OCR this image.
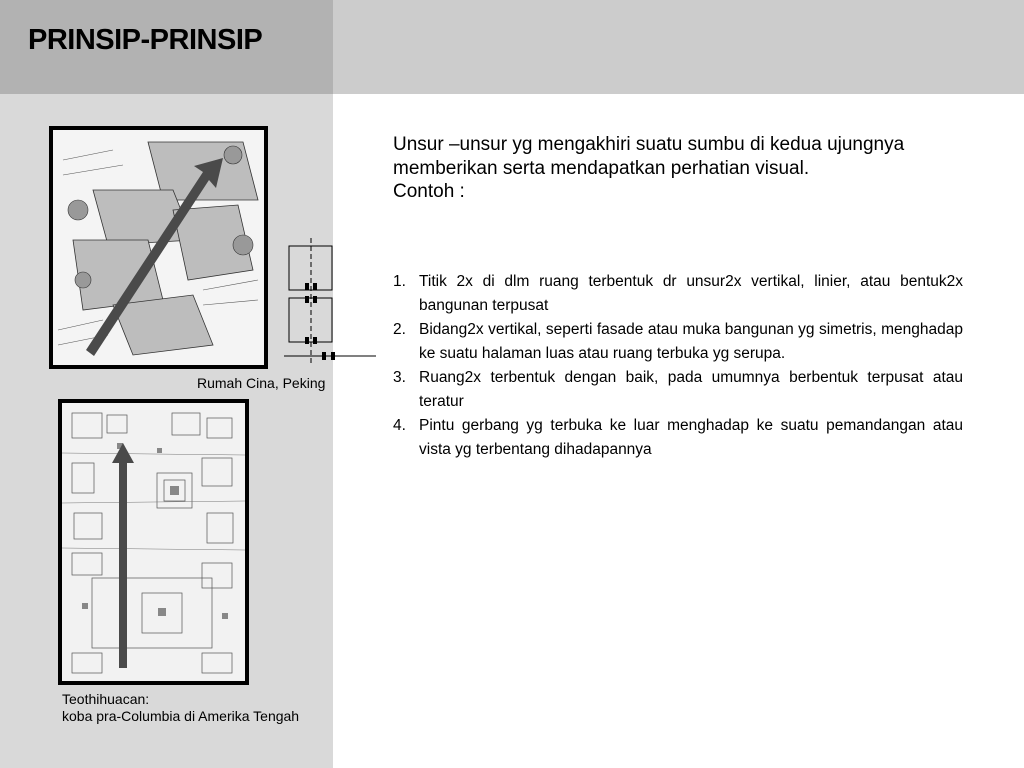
PRINSIP-PRINSIP
Rumah Cina, Peking
Teothihuacan:
koba pra-Columbia di Amerika Tengah

Unsur –unsur yg mengakhiri suatu sumbu di kedua ujungnya memberikan serta mendapatkan perhatian visual.

Contoh :

1. Titik 2x di dlm ruang terbentuk dr unsur2x vertikal, linier, atau bentuk2x bangunan terpusat
2. Bidang2x vertikal, seperti fasade atau muka bangunan yg simetris, menghadap ke suatu halaman luas atau ruang terbuka yg serupa.
3. Ruang2x terbentuk dengan baik, pada umumnya berbentuk terpusat atau teratur
4. Pintu gerbang yg terbuka ke luar menghadap ke suatu pemandangan atau vista yg terbentang dihadapannya
